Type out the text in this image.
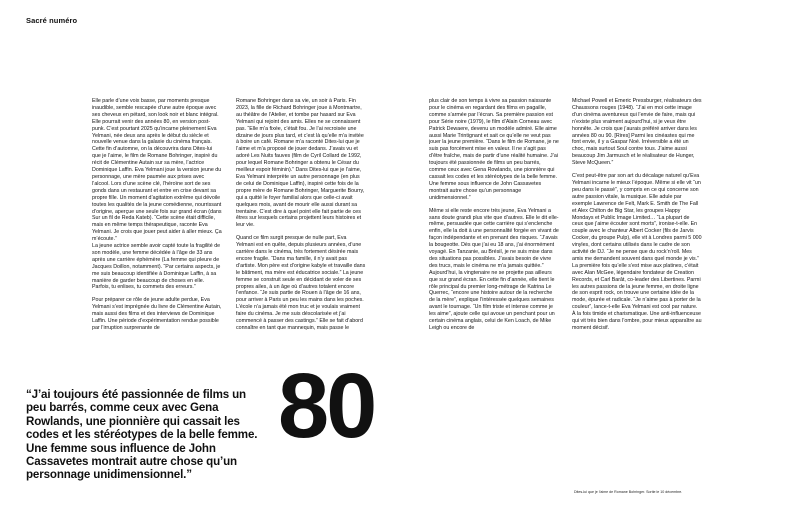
Sacré numéro

Elle parle d’une voix basse, par moments presque inaudible, semble rescapée d’une autre époque avec ses cheveux en pétard, son look noir et blanc intégral. Elle pourrait venir des années 80, en version post-punk. C’est pourtant 2025 qu’incarne pleinement Eva Yelmani, née deux ans après le début du siècle et nouvelle venue dans la galaxie du cinéma français. Cette fin d’automne, on la découvrira dans Dites-lui que je l’aime, le film de Romane Bohringer, inspiré du récit de Clémentine Autain sur sa mère, l’actrice Dominique Laffin. Eva Yelmani joue la version jeune du personnage, une mère paumée aux prises avec l’alcool. Lors d’une scène clé, l’héroïne sort de ses gonds dans un restaurant et entre en crise devant sa propre fille. Un moment d’agitation extrême qui dévoile toutes les qualités de la jeune comédienne, nourrissant d’origine, aperçue une seule fois sur grand écran (dans Sur un fil de Reda Kateb). “Cette scène était difficile, mais en même temps thérapeutique, raconte Eva Yelmani. Je crois que jouer peut aider à aller mieux. Ça m’écoute.”

La jeune actrice semble avoir capté toute la fragilité de son modèle, une femme décédée à l’âge de 33 ans après une carrière éphémère (La femme qui pleure de Jacques Doillon, notamment). “Par certains aspects, je me suis beaucoup identifiée à Dominique Laffin, à sa manière de garder beaucoup de choses en elle. Parfois, tu enlises, tu commets des erreurs.”

Pour préparer ce rôle de jeune adulte perdue, Eva Yelmani s’est imprégnée du livre de Clémentine Autain, mais aussi des films et des interviews de Dominique Laffin. Une période d’expérimentation rendue possible par l’irruption surprenante de

Romane Bohringer dans sa vie, un soir à Paris. Fin 2023, la fille de Richard Bohringer joue à Montmartre, au théâtre de l’Atelier, et tombe par hasard sur Eva Yelmani qui rejoint des amis. Elles ne se connaissent pas. “Elle m’a fixée, c’était fou. Je l’ai recroisée une dizaine de jours plus tard, et c’est là qu’elle m’a invitée à boire un café. Romane m’a raconté Dites-lui que je l’aime et m’a proposé de jouer dedans. J’avais vu et adoré Les Nuits fauves (film de Cyril Collard de 1992, pour lequel Romane Bohringer a obtenu le César du meilleur espoir féminin).” Dans Dites-lui que je l’aime, Eva Yelmani interprète un autre personnage (en plus de celui de Dominique Laffin), inspiré cette fois de la propre mère de Romane Bohringer, Marguerite Bourry, qui a quitté le foyer familial alors que celle-ci avait quelques mois, avant de mourir elle aussi durant sa trentaine. C’est dire à quel point elle fait partie de ces êtres sur lesquels certains projettent leurs histoires et leur vie.

Quand ce film surgit presque de nulle part, Eva Yelmani est en quête, depuis plusieurs années, d’une carrière dans le cinéma, très fortement désirée mais encore fragile. “Dans ma famille, il n’y avait pas d’artiste. Mon père est d’origine kabyle et travaille dans le bâtiment, ma mère est éducatrice sociale.” La jeune femme se construit seule en décidant de voler de ses propres ailes, à un âge où d’autres totalent encore l’enfance. “Je suis partie de Rouen à l’âge de 16 ans, pour arriver à Paris un peu les mains dans les poches. L’école n’a jamais été mon truc et je voulais vraiment faire du cinéma. Je me suis déscolarisée et j’ai commencé à passer des castings.” Elle se fait d’abord connaître en tant que mannequin, mais passe le

plus clair de son temps à vivre sa passion naissante pour le cinéma en regardant des films en pagaille, comme s’armée par l’écran. Sa première passion est pour Série noire (1979), le film d’Alain Corneau avec Patrick Dewaere, devenu un modèle admiré. Elle aime aussi Marie Trintignant et sait ce qu’elle ne veut pas jouer la jeune première. “Dans le film de Romane, je ne suis pas forcément mise en valeur. Il ne s’agit pas d’être fraîche, mais de partir d’une réalité humaine. J’ai toujours été passionnée de films un peu barrés, comme ceux avec Gena Rowlands, une pionnière qui cassait les codes et les stéréotypes de la belle femme. Une femme sous influence de John Cassavetes montrait autre chose qu’un personnage unidimensionnel.”

Même si elle reste encore très jeune, Eva Yelmani a sans doute grandi plus vite que d’autres. Elle le dit elle-même, persuadée que cette carrière qui s’enclenche enfin, elle la doit à une personnalité forgée en vivant de façon indépendante et en prenant des risques. “J’avais la bougeotte. Dès que j’ai eu 18 ans, j’ai énormément voyagé. En Tanzanie, au Brésil, je ne suis mise dans des situations pas possibles. J’avais besoin de vivre des trucs, mais le cinéma ne m’a jamais quittée.” Aujourd’hui, la vingtenaire ne se projette pas ailleurs que sur grand écran. En cette fin d’année, elle tient le rôle principal du premier long-métrage de Katrina Le Querrec, “encore une histoire autour de la recherche de la mère”, explique l’intéressée quelques semaines avant le tournage. “Un film triste et intense comme je les aime”, ajoute celle qui avoue un penchant pour un certain cinéma anglais, celui de Ken Loach, de Mike Leigh ou encore de

Michael Powell et Emeric Pressburger, réalisateurs des Chaussons rouges (1948). “J’ai en moi cette image d’un cinéma aventureux qui l’envie de faire, mais qui n’existe plus vraiment aujourd’hui, si je veux être honnête. Je crois que j’aurais préféré arriver dans les années 80 ou 90. [Rires] Parmi les cinéastes qui me font envie, il y a Gaspar Noé. Irréversible a été un choc, mais surtout Soul contre tous. J’aime aussi beaucoup Jim Jarmusch et le réalisateur de Hunger, Steve McQueen.”

C’est peut-être par son art du décalage naturel qu’Eva Yelmani incarne le mieux l’époque. Même si elle vit “un peu dans le passé”, y compris en ce qui concerne son autre passion vitale, la musique. Elle adule par exemple Lawrence de Felt, Mark E. Smith de The Fall et Alex Chilton de Big Star, les groupes Happy Mondays et Public Image Limited… “La plupart de ceux que j’aime écouter sont morts”, ironise-t-elle. En couple avec le chanteur Albert Cocker (fils de Jarvis Cocker, du groupe Pulp), elle vit à Londres parmi 5 000 vinyles, dont certains utilisés dans le cadre de son activité de DJ. “Je ne pense que du rock’n’roll. Mes amis me demandent souvent dans quel monde je vis.” La première fois qu’elle s’est mise aux platines, c’était avec Alan McGee, légendaire fondateur de Creation Records, et Carl Barât, co-leader des Libertines. Parmi les autres passions de la jeune femme, en droite ligne de son esprit rock, on trouve une certaine idée de la mode, épurée et radicale. “Je n’aime pas à porter de la couleur”, lance-t-elle Eva Yelmani est cool par nature. À la fois timide et charismatique. Une anti-influenceuse qui vit très bien dans l’ombre, pour mieux apparaître au moment décisif.

“J’ai toujours été passionnée de films un peu barrés, comme ceux avec Gena Rowlands, une pionnière qui cassait les codes et les stéréotypes de la belle femme. Une femme sous influence de John Cassavetes montrait autre chose qu’un personnage unidimensionnel.”

80
Dites-lui que je l’aime de Romane Bohringer. Sortie le 10 décembre.
